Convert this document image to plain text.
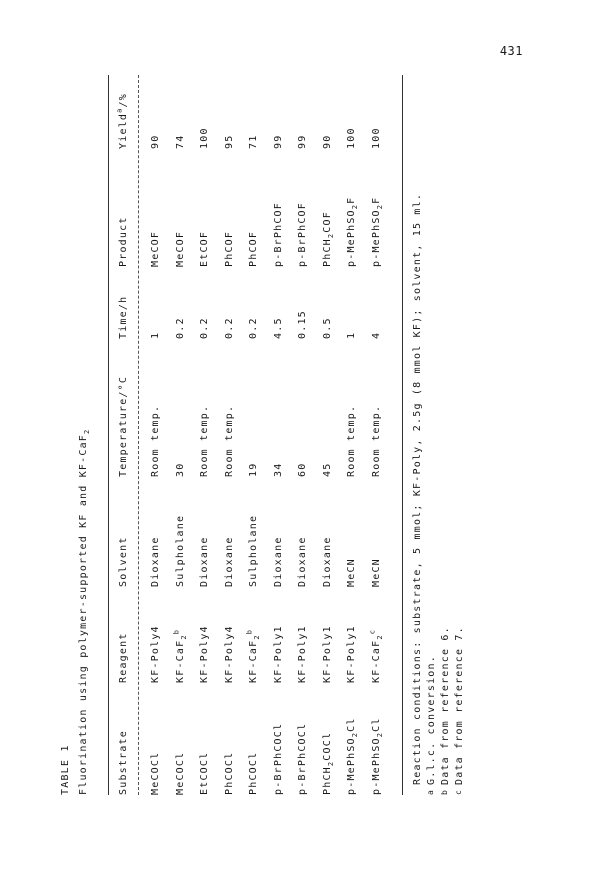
431
TABLE 1 Fluorination using polymer-supported KF and KF-CaF$_2$
Substrate
Reagent
Solvent
Temperature/°C
Time/h
Product
Yield$^a$/%
MeCOCl
KF-Poly4
Dioxane
Room temp.
1
MeCOF
90
MeCOCl
KF-CaF$_2^b$
Sulpholane
30
0.2
MeCOF
74
EtCOCl
KF-Poly4
Dioxane
Room temp.
0.2
EtCOF
100
PhCOCl
KF-Poly4
Dioxane
Room temp.
0.2
PhCOF
95
PhCOCl
KF-CaF$_2^b$
Sulpholane
19
0.2
PhCOF
71
p-BrPhCOCl
KF-Poly1
Dioxane
34
4.5
p-BrPhCOF
99
p-BrPhCOCl
KF-Poly1
Dioxane
60
0.15
p-BrPhCOF
99
PhCH$_2$COCl
KF-Poly1
Dioxane
45
0.5
PhCH$_2$COF
90
p-MePhSO$_2$Cl
KF-Poly1
MeCN
Room temp.
1
p-MePhSO$_2$F
100
p-MePhSO$_2$Cl
KF-CaF$_2^c$
MeCN
Room temp.
4
p-MePhSO$_2$F
100
Reaction conditions: substrate, 5 mmol; KF-Poly, 2.5g (8 mmol KF); solvent, 15 ml.
aG.l.c. conversion.
bData from reference 6.
cData from reference 7.
